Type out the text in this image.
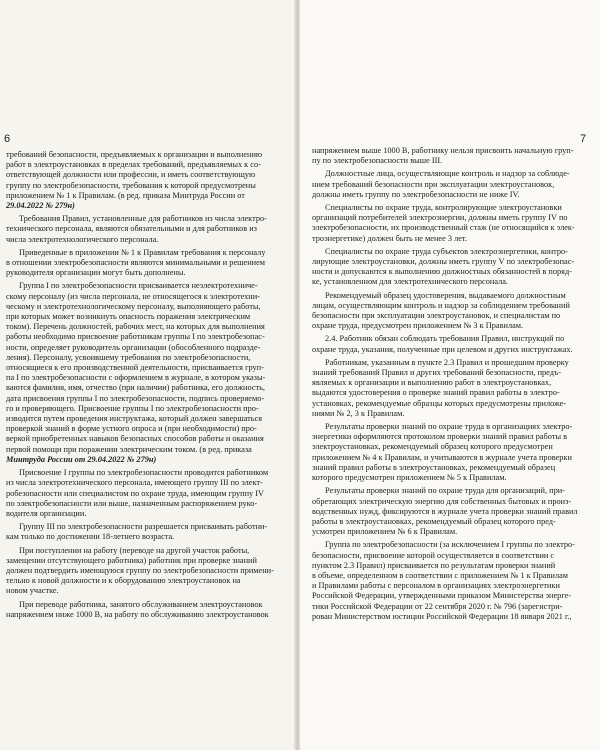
6
требований безопасности, предъявляемых к организации и выполнению
работ в электроустановках в пределах требований, предъявляемых к со-
ответствующей должности или профессии, и иметь соответствующую
группу по электробезопасности, требования к которой предусмотрены
приложением № 1 к Правилам. (в ред. приказа Минтруда России от
29.04.2022 № 279н)
Требования Правил, установленные для работников из числа электро-
технического персонала, являются обязательными и для работников из
числа электротехнологического персонала.
Приведенные в приложении № 1 к Правилам требования к персоналу
в отношении электробезопасности являются минимальными и решением
руководителя организации могут быть дополнены.
Группа I по электробезопасности присваивается неэлектротехниче-
скому персоналу (из числа персонала, не относящегося к электротехни-
ческому и электротехнологическому персоналу, выполняющего работы,
при которых может возникнуть опасность поражения электрическим
током). Перечень должностей, рабочих мест, на которых для выполнения
работы необходимо присвоение работникам группы I по электробезопас-
ности, определяет руководитель организации (обособленного подразде-
ления). Персоналу, усвоившему требования по электробезопасности,
относящиеся к его производственной деятельности, присваивается груп-
па I по электробезопасности с оформлением в журнале, в котором указы-
ваются фамилия, имя, отчество (при наличии) работника, его должность,
дата присвоения группы I по электробезопасности, подпись проверяемо-
го и проверяющего. Присвоение группы I по электробезопасности про-
изводится путем проведения инструктажа, который должен завершаться
проверкой знаний в форме устного опроса и (при необходимости) про-
веркой приобретенных навыков безопасных способов работы и оказания
первой помощи при поражении электрическим током. (в ред. приказа
Минтруда России от 29.04.2022 № 279н)
Присвоение I группы по электробезопасности проводится работником
из числа электротехнического персонала, имеющего группу III по элект-
робезопасности или специалистом по охране труда, имеющим группу IV
по электробезопасности или выше, назначенным распоряжением руко-
водителя организации.
Группу III по электробезопасности разрешается присваивать работни-
кам только по достижении 18-летнего возраста.
При поступлении на работу (переводе на другой участок работы,
замещении отсутствующего работника) работник при проверке знаний
должен подтвердить имеющуюся группу по электробезопасности примени-
тельно к новой должности и к оборудованию электроустановок на
новом участке.
При переводе работника, занятого обслуживанием электроустановок
напряжением ниже 1000 В, на работу по обслуживанию электроустановок
7
напряжением выше 1000 В, работнику нельзя присвоить начальную груп-
пу по электробезопасности выше III.
Должностные лица, осуществляющие контроль и надзор за соблюде-
нием требований безопасности при эксплуатации электроустановок,
должны иметь группу по электробезопасности не ниже IV.
Специалисты по охране труда, контролирующие электроустановки
организаций потребителей электроэнергии, должны иметь группу IV по
электробезопасности, их производственный стаж (не относящийся к элек-
троэнергетике) должен быть не менее 3 лет.
Специалисты по охране труда субъектов электроэнергетики, контро-
лирующие электроустановки, должны иметь группу V по электробезопас-
ности и допускаются к выполнению должностных обязанностей в поряд-
ке, установленном для электротехнического персонала.
Рекомендуемый образец удостоверения, выдаваемого должностным
лицам, осуществляющим контроль и надзор за соблюдением требований
безопасности при эксплуатации электроустановок, и специалистам по
охране труда, предусмотрен приложением № 3 к Правилам.
2.4. Работник обязан соблюдать требования Правил, инструкций по
охране труда, указания, полученные при целевом и других инструктажах.
Работникам, указанным в пункте 2.3 Правил и прошедшим проверку
знаний требований Правил и других требований безопасности, предъ-
являемых к организации и выполнению работ в электроустановках,
выдаются удостоверения о проверке знаний правил работы в электро-
установках, рекомендуемые образцы которых предусмотрены приложе-
ниями № 2, 3 к Правилам.
Результаты проверки знаний по охране труда в организациях электро-
энергетики оформляются протоколом проверки знаний правил работы в
электроустановках, рекомендуемый образец которого предусмотрен
приложением № 4 к Правилам, и учитываются в журнале учета проверки
знаний правил работы в электроустановках, рекомендуемый образец
которого предусмотрен приложением № 5 к Правилам.
Результаты проверки знаний по охране труда для организаций, при-
обретающих электрическую энергию для собственных бытовых и произ-
водственных нужд, фиксируются в журнале учета проверки знаний правил
работы в электроустановках, рекомендуемый образец которого пред-
усмотрен приложением № 6 к Правилам.
Группа по электробезопасности (за исключением I группы по электро-
безопасности, присвоение которой осуществляется в соответствии с
пунктом 2.3 Правил) присваивается по результатам проверки знаний
в объеме, определенном в соответствии с приложением № 1 к Правилам
и Правилами работы с персоналом в организациях электроэнергетики
Российской Федерации, утвержденными приказом Министерства энерге-
тики Российской Федерации от 22 сентября 2020 г. № 796 (зарегистри-
рован Министерством юстиции Российской Федерации 18 января 2021 г.,
